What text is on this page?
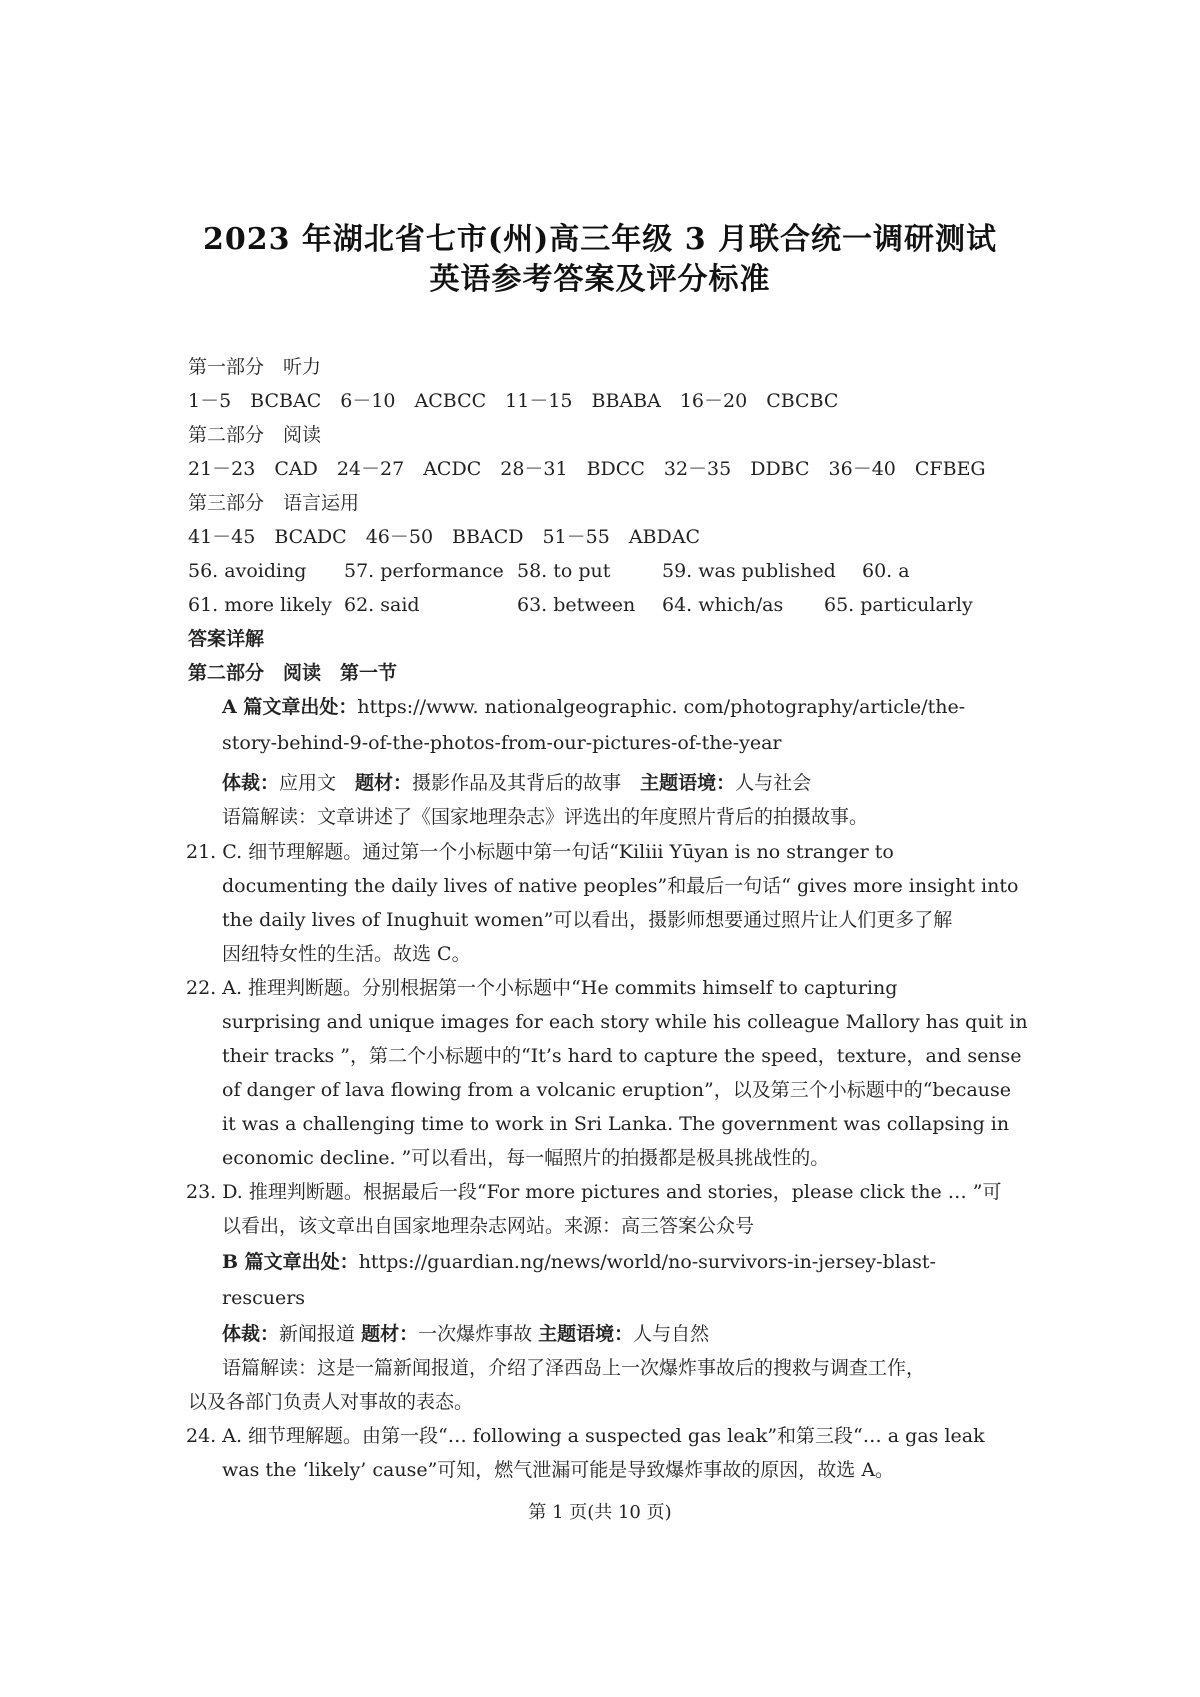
2023 年湖北省七市(州)高三年级 3 月联合统一调研测试
英语参考答案及评分标准
第一部分　听力
1－5　BCBAC　6－10　ACBCC　11－15　BBABA　16－20　CBCBC
第二部分　阅读
21－23　CAD　24－27　ACDC　28－31　BDCC　32－35　DDBC　36－40　CFBEG
第三部分　语言运用
41－45　BCADC　46－50　BBACD　51－55　ABDAC
56. avoiding 57. performance 58. to put	59. was published 60. a
61. more likely 62. said	63. between 64. which/as 65. particularly
答案详解
第二部分　阅读　第一节
A 篇文章出处：https://www. nationalgeographic. com/photography/article/the-
story-behind-9-of-the-photos-from-our-pictures-of-the-year
体裁：应用文　 题材：摄影作品及其背后的故事　 主题语境：人与社会
语篇解读：文章讲述了《国家地理杂志》评选出的年度照片背后的拍摄故事。
21. C. 细节理解题。通过第一个小标题中第一句话“Kiliii Yūyan is no stranger to
documenting the daily lives of native peoples”和最后一句话“ gives more insight into
the daily lives of Inughuit women”可以看出，摄影师想要通过照片让人们更多了解
因纽特女性的生活。故选 C。
22. A. 推理判断题。分别根据第一个小标题中“He commits himself to capturing
surprising and unique images for each story while his colleague Mallory has quit in
their tracks ”，第二个小标题中的“It’s hard to capture the speed，texture，and sense
of danger of lava flowing from a volcanic eruption”，以及第三个小标题中的“because
it was a challenging time to work in Sri Lanka. The government was collapsing in
economic decline. ”可以看出，每一幅照片的拍摄都是极具挑战性的。
23. D. 推理判断题。根据最后一段“For more pictures and stories，please click the … ”可
以看出，该文章出自国家地理杂志网站。来源：高三答案公众号
B 篇文章出处：https://guardian.ng/news/world/no-survivors-in-jersey-blast-
rescuers
体裁：新闻报道 题材：一次爆炸事故 主题语境：人与自然
语篇解读：这是一篇新闻报道，介绍了泽西岛上一次爆炸事故后的搜救与调查工作，
以及各部门负责人对事故的表态。
24. A. 细节理解题。由第一段“… following a suspected gas leak”和第三段“… a gas leak
was the ‘likely’ cause”可知，燃气泄漏可能是导致爆炸事故的原因，故选 A。
第 1 页(共 10 页)
